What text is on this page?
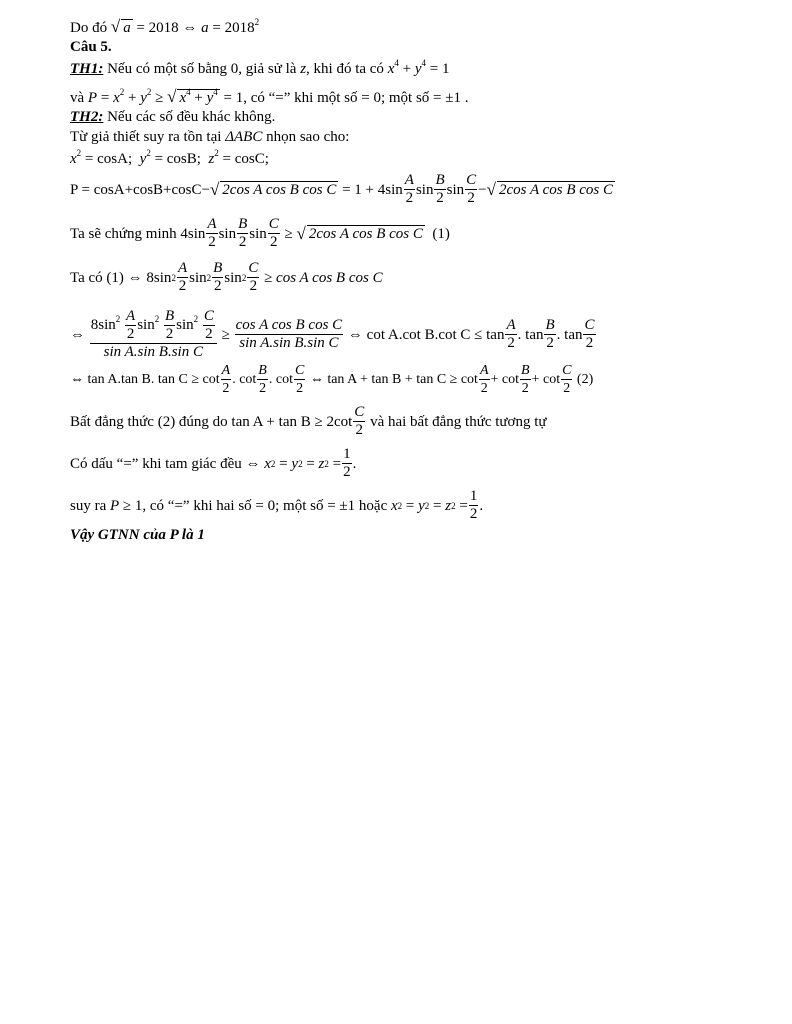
Do đó √ a = 2018 ⇔ $a = 2018^2$
Câu 5.
TH1: Nếu có một số bằng 0, giả sử là z, khi đó ta có $x^4 + y^4 = 1$
và $P = x^2 + y^2$ ≥ √ $x^4 + y^4 = 1$, có “=” khi một số = 0; một số = ±1 .
TH2: Nếu các số đều khác không.
Từ giả thiết suy ra tồn tại ΔABC nhọn sao cho:
$x^2 = \cos A$; $y^2 = \cos B$; $z^2 = \cos C$;
P = cosA+cosB+cosC− √ 2cos A cos B cos C
= $1 + 4\sin \frac{A}{2}$ $\sin \frac{B}{2}$ $\sin \frac{C}{2}$ − √ 2cos A cos B cos C
Ta sẽ chứng minh $4\sin \frac{A}{2}$ $\sin \frac{B}{2}$ $\sin \frac{C}{2}$
≥
√ 2cos A cos B cos C
(1)
Ta có (1) ⇔ 8sin $2 \frac{A}{2}$ $\sin 2 \frac{B}{2}$ $\sin 2 \frac{C}{2}$
≥ cos A cos B cos C
⇔
$\frac{8\sin^2 \frac{A}{2} \sin^2 \frac{B}{2} \sin^2 \frac{C}{2}}{\text{sin A.sin B.sin C}}$
≥
$\frac{\text{cos A cos B cos C}}{\text{sin A.sin B.sin C}}$
⇔ cot A.cot B.cot $C \le \tan \frac{A}{2}$ . $\tan \frac{B}{2}$ . $\tan \frac{C}{2}$
⇔ tan A.tan B. $\tan C \ge \cot \frac{A}{2}$ . $\cot \frac{B}{2}$ . $\cot \frac{C}{2}$
⇔ $\tan A + \tan B + \tan C \ge \cot \frac{A}{2} + \cot \frac{B}{2} + \cot \frac{C}{2}$
(2)
Bất đẳng thức (2) đúng do $\tan A + \tan B \ge 2\cot \frac{C}{2}$
và hai bất đẳng thức tương tự
Có dấu “=” khi tam giác đều ⇔
x 2
=
y 2
=
z 2
= $\frac{1}{2}$ .
suy ra
P
≥ 1, có “=” khi hai số = 0; một số = ±1 hoặc
x 2
=
y 2
=
z 2
= $\frac{1}{2}$ .
Vậy GTNN của P là 1
